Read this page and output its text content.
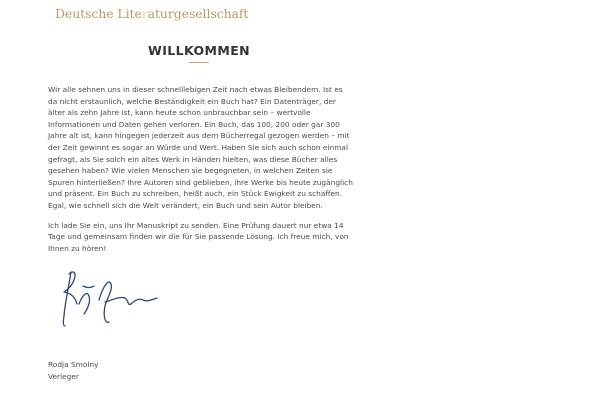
Deutsche Literaturgesellschaft
WILLKOMMEN

Wir alle sehnen uns in dieser schnelllebigen Zeit nach etwas Bleibendem. Ist es da nicht erstaunlich, welche Beständigkeit ein Buch hat? Ein Datenträger, der älter als zehn Jahre ist, kann heute schon unbrauchbar sein – wertvolle Informationen und Daten gehen verloren. Ein Buch, das 100, 200 oder gar 300 Jahre alt ist, kann hingegen jederzeit aus dem Bücherregal gezogen werden – mit der Zeit gewinnt es sogar an Würde und Wert. Haben Sie sich auch schon einmal gefragt, als Sie solch ein altes Werk in Händen hielten, was diese Bücher alles gesehen haben? Wie vielen Menschen sie begegneten, in welchen Zeiten sie Spuren hinterließen? Ihre Autoren sind geblieben, ihre Werke bis heute zugänglich und präsent. Ein Buch zu schreiben, heißt auch, ein Stück Ewigkeit zu schaffen. Egal, wie schnell sich die Welt verändert, ein Buch und sein Autor bleiben.

Ich lade Sie ein, uns Ihr Manuskript zu senden. Eine Prüfung dauert nur etwa 14 Tage und gemeinsam finden wir die für Sie passende Lösung. Ich freue mich, von Ihnen zu hören!

Rodja Smolny
Verleger
